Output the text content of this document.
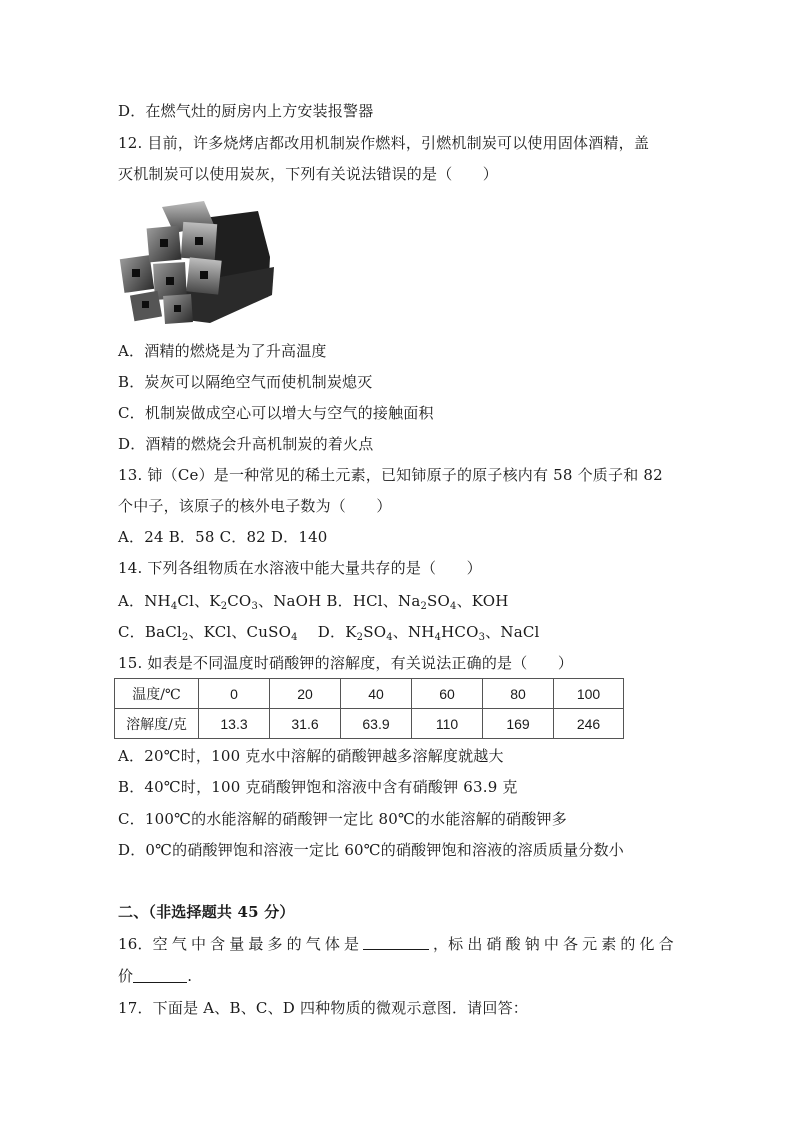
D．在燃气灶的厨房内上方安装报警器
12. 目前，许多烧烤店都改用机制炭作燃料，引燃机制炭可以使用固体酒精，盖
灭机制炭可以使用炭灰，下列有关说法错误的是（　　）
A．酒精的燃烧是为了升高温度
B．炭灰可以隔绝空气而使机制炭熄灭
C．机制炭做成空心可以增大与空气的接触面积
D．酒精的燃烧会升高机制炭的着火点
13. 铈（Ce）是一种常见的稀土元素，已知铈原子的原子核内有 58 个质子和 82
个中子，该原子的核外电子数为（　　）
A．24 B．58 C．82 D．140
14. 下列各组物质在水溶液中能大量共存的是（　　）
A．$NH_4Cl$、$K_2CO_3$、NaOH B．HCl、$Na_2SO_4$、KOH
C．BaCl$_2$、KCl、CuSO$_4$　 D．$K_2SO_4$、$NH_4HCO_3$、NaCl
15. 如表是不同温度时硝酸钾的溶解度，有关说法正确的是（　　）
温度/℃	0	20	40	60	80	100
溶解度/克	13.3	31.6	63.9	110	169	246
A．20℃时，100 克水中溶解的硝酸钾越多溶解度就越大
B．40℃时，100 克硝酸钾饱和溶液中含有硝酸钾 63.9 克
C．100℃的水能溶解的硝酸钾一定比 80℃的水能溶解的硝酸钾多
D．0℃的硝酸钾饱和溶液一定比 60℃的硝酸钾饱和溶液的溶质质量分数小
二、（非选择题共 45 分）
16．空 气 中 含 量 最 多 的 气 体 是	，标 出 硝 酸 钠 中 各 元 素 的 化 合
价	.
17．下面是 A、B、C、D 四种物质的微观示意图．请回答：
